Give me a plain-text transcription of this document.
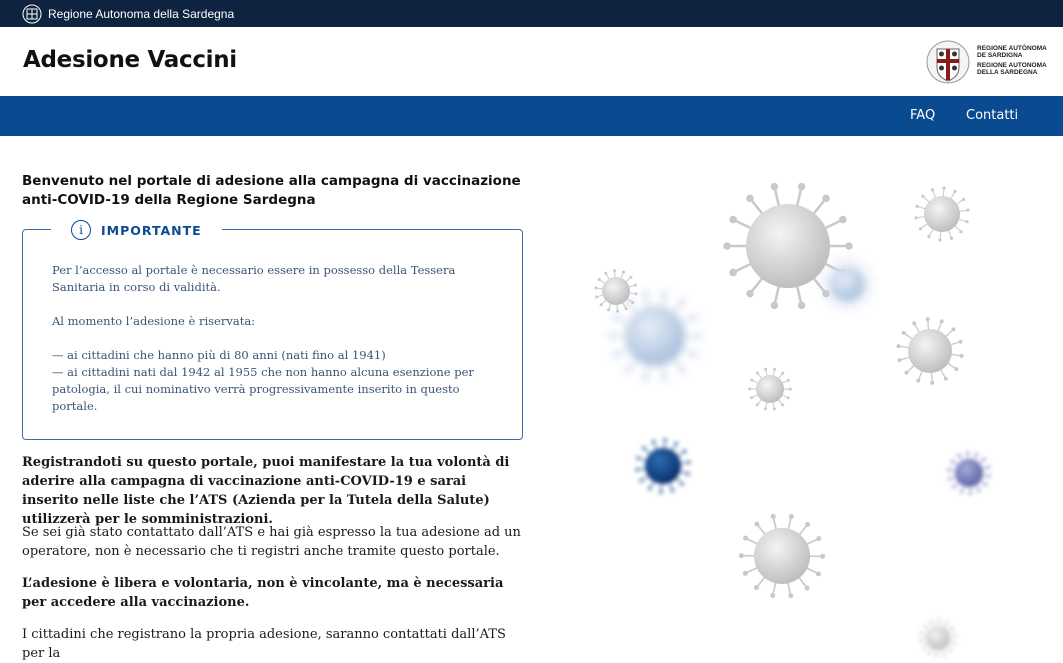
Regione Autonoma della Sardegna
Adesione Vaccini	REGIONE AUTÒNOMA DE SARDIGNA
REGIONE AUTONOMA DELLA SARDEGNA
FAQ Contatti
Benvenuto nel portale di adesione alla campagna di vaccinazione anti-COVID-19 della Regione Sardegna
i	IMPORTANTE

Per l’accesso al portale è necessario essere in possesso della Tessera Sanitaria in corso di validità.

Al momento l’adesione è riservata:

— ai cittadini che hanno più di 80 anni (nati fino al 1941)

— ai cittadini nati dal 1942 al 1955 che non hanno alcuna esenzione per patologia, il cui nominativo verrà progressivamente inserito in questo portale.

Registrandoti su questo portale, puoi manifestare la tua volontà di aderire alla campagna di vaccinazione anti-COVID-19 e sarai inserito nelle liste che l’ATS (Azienda per la Tutela della Salute) utilizzerà per le somministrazioni.

Se sei già stato contattato dall’ATS e hai già espresso la tua adesione ad un operatore, non è necessario che ti registri anche tramite questo portale.

L’adesione è libera e volontaria, non è vincolante, ma è necessaria per accedere alla vaccinazione.

I cittadini che registrano la propria adesione, saranno contattati dall’ATS per la
